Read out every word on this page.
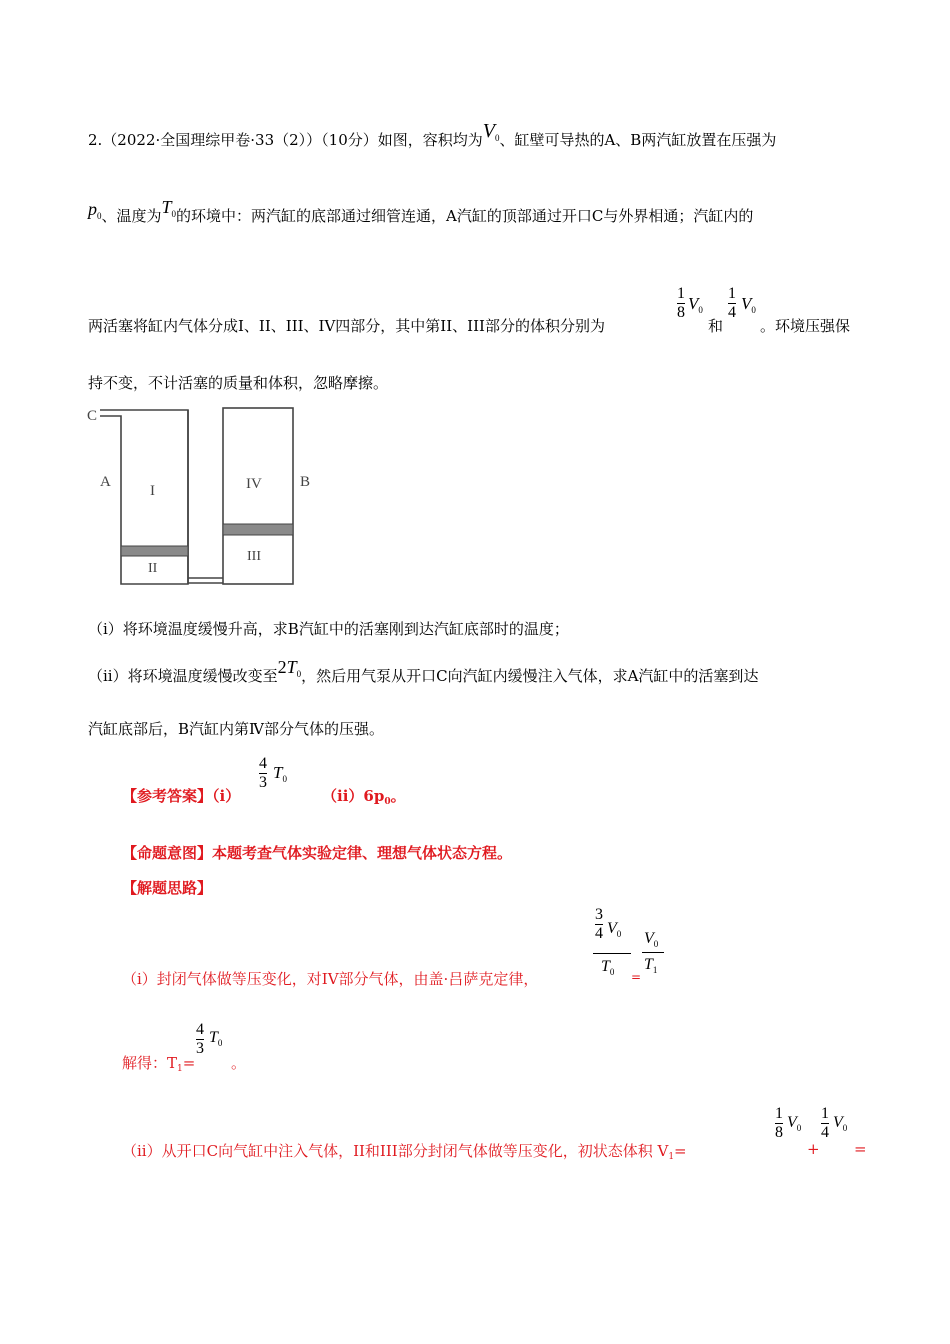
2.（2022·全国理综甲卷·33（2））（10分）如图，容积均为$V_0$、缸壁可导热的A、B两汽缸放置在压强为
$p_0$、温度为$T_0$的环境中：两汽缸的底部通过细管连通，A汽缸的顶部通过开口C与外界相通；汽缸内的
两活塞将缸内气体分成I、II、III、IV四部分，其中第II、III部分的体积分别为
1
8 $V_0$
和
1
4 $V_0$
。环境压强保
持不变，不计活塞的质量和体积，忽略摩擦。
C
A	B
I
II
IV
III
（i）将环境温度缓慢升高，求B汽缸中的活塞刚到达汽缸底部时的温度；
（ii）将环境温度缓慢改变至$2T_0$，然后用气泵从开口C向汽缸内缓慢注入气体，求A汽缸中的活塞到达
汽缸底部后，B汽缸内第Ⅳ部分气体的压强。
【参考答案】（i）
4
3
$T_0$
$(ii)6p_0$。
【命题意图】本题考查气体实验定律、理想气体状态方程。
【解题思路】
（i）封闭气体做等压变化，对IV部分气体，由盖·吕萨克定律，
3
4 $V_0$
$T_0$ =
$V_0$
$T_1$
解得：$T_1=$
4
3
$T_0$
。
（ii）从开口C向气缸中注入气体，II和III部分封闭气体做等压变化，初状态体积 $V_1=$
1
8
$V_0$
+
1
4
$V_0$
=
